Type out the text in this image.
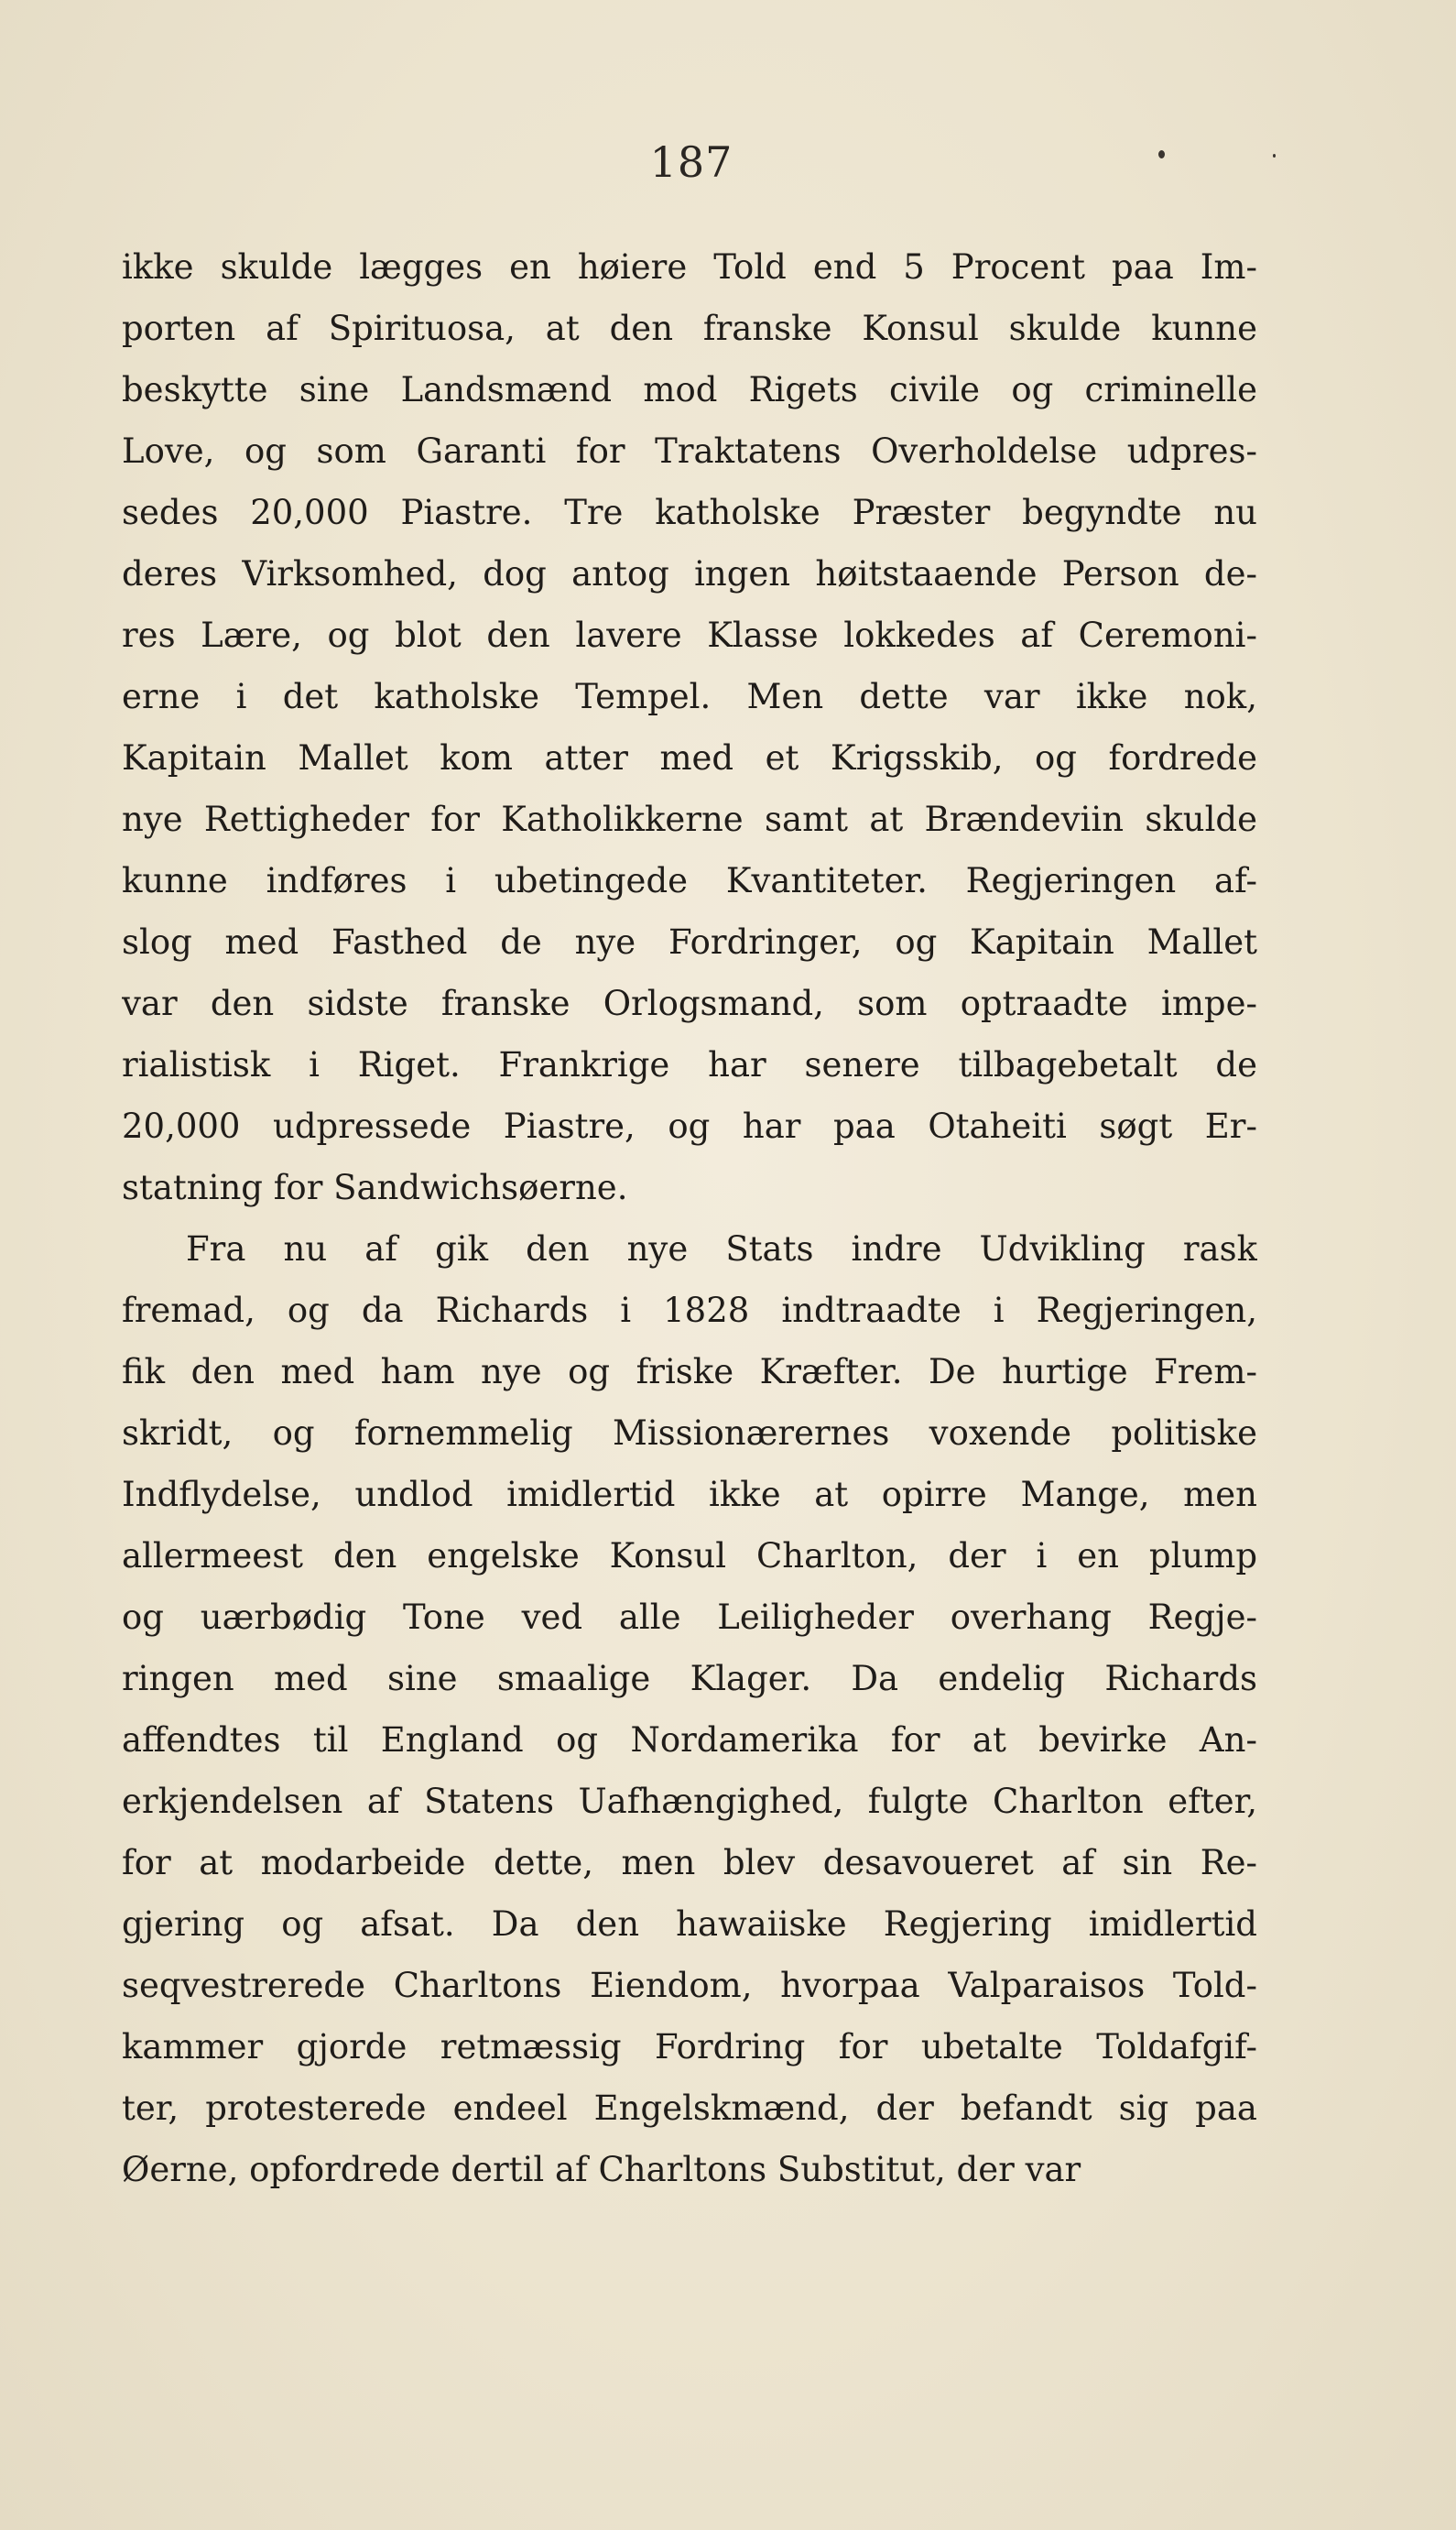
187
ikke skulde lægges en høiere Told end 5 Procent paa Im-
porten af Spirituosa, at den franske Konsul skulde kunne
beskytte sine Landsmænd mod Rigets civile og criminelle
Love, og som Garanti for Traktatens Overholdelse udpres-
sedes 20,000 Piastre. Tre katholske Præster begyndte nu
deres Virksomhed, dog antog ingen høitstaaende Person de-
res Lære, og blot den lavere Klasse lokkedes af Ceremoni-
erne i det katholske Tempel. Men dette var ikke nok,
Kapitain Mallet kom atter med et Krigsskib, og fordrede
nye Rettigheder for Katholikkerne samt at Brændeviin skulde
kunne indføres i ubetingede Kvantiteter. Regjeringen af-
slog med Fasthed de nye Fordringer, og Kapitain Mallet
var den sidste franske Orlogsmand, som optraadte impe-
rialistisk i Riget. Frankrige har senere tilbagebetalt de
20,000 udpressede Piastre, og har paa Otaheiti søgt Er-
statning for Sandwichsøerne.
Fra nu af gik den nye Stats indre Udvikling rask
fremad, og da Richards i 1828 indtraadte i Regjeringen,
fik den med ham nye og friske Kræfter. De hurtige Frem-
skridt, og fornemmelig Missionærernes voxende politiske
Indflydelse, undlod imidlertid ikke at opirre Mange, men
allermeest den engelske Konsul Charlton, der i en plump
og uærbødig Tone ved alle Leiligheder overhang Regje-
ringen med sine smaalige Klager. Da endelig Richards
affendtes til England og Nordamerika for at bevirke An-
erkjendelsen af Statens Uafhængighed, fulgte Charlton efter,
for at modarbeide dette, men blev desavoueret af sin Re-
gjering og afsat. Da den hawaiiske Regjering imidlertid
seqvestrerede Charltons Eiendom, hvorpaa Valparaisos Told-
kammer gjorde retmæssig Fordring for ubetalte Toldafgif-
ter, protesterede endeel Engelskmænd, der befandt sig paa
Øerne, opfordrede dertil af Charltons Substitut, der var
